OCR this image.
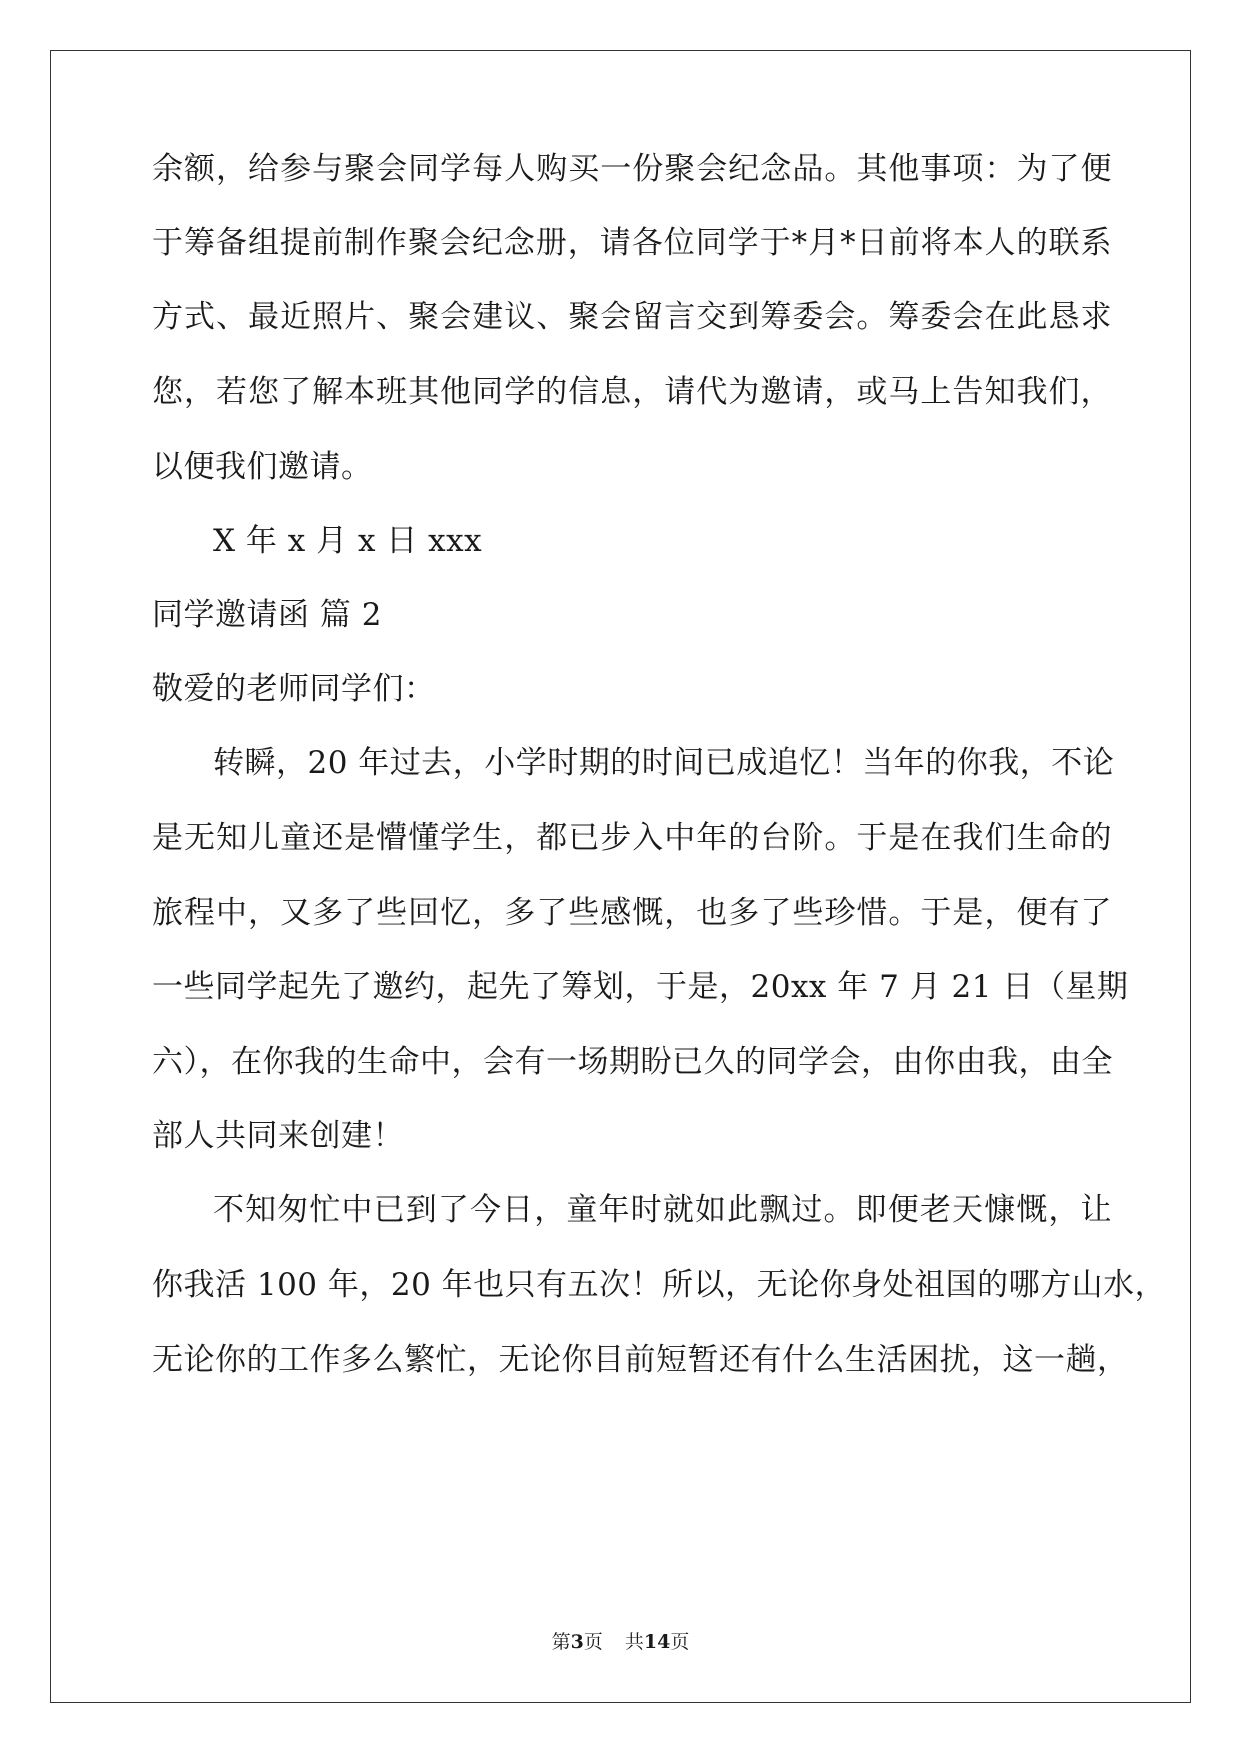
余额，给参与聚会同学每人购买一份聚会纪念品。其他事项：为了便
于筹备组提前制作聚会纪念册，请各位同学于*月*日前将本人的联系
方式、最近照片、聚会建议、聚会留言交到筹委会。筹委会在此恳求
您，若您了解本班其他同学的信息，请代为邀请，或马上告知我们，
以便我们邀请。
X 年 x 月 x 日 xxx
同学邀请函 篇 2
敬爱的老师同学们：
转瞬，20 年过去，小学时期的时间已成追忆！当年的你我，不论
是无知儿童还是懵懂学生，都已步入中年的台阶。于是在我们生命的
旅程中，又多了些回忆，多了些感慨，也多了些珍惜。于是，便有了
一些同学起先了邀约，起先了筹划，于是，20xx 年 7 月 21 日（星期
六），在你我的生命中，会有一场期盼已久的同学会，由你由我，由全
部人共同来创建！
不知匆忙中已到了今日，童年时就如此飘过。即便老天慷慨，让
你我活 100 年，20 年也只有五次！所以，无论你身处祖国的哪方山水，
无论你的工作多么繁忙，无论你目前短暂还有什么生活困扰，这一趟，
第3页 共14页
